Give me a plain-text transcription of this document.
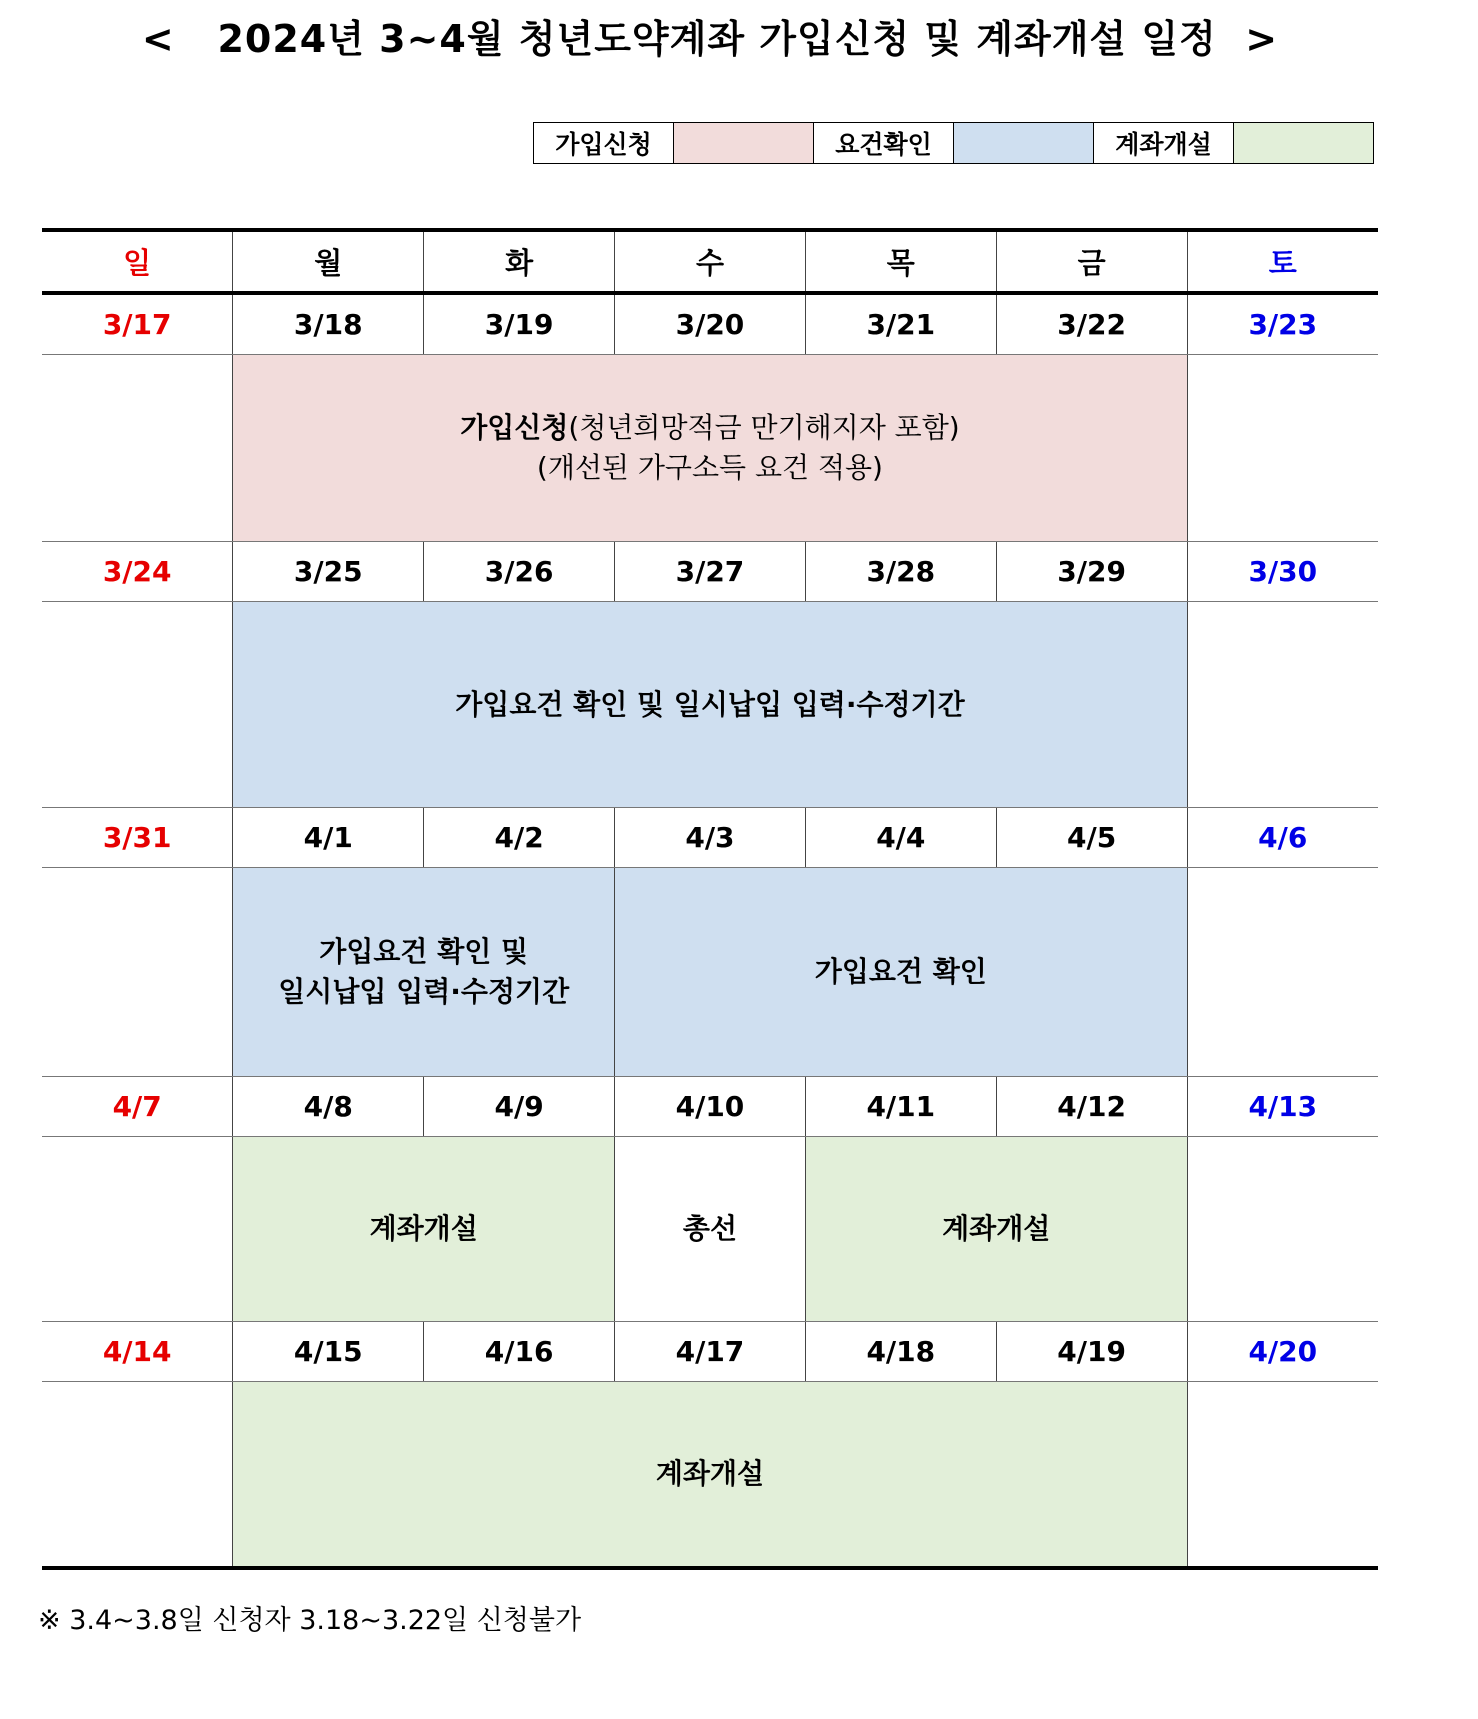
<   2024년 3~4월 청년도약계좌 가입신청 및 계좌개설 일정  >
가입신청		요건확인		계좌개설	
일	월	화	수	목	금	토
3/17	3/18	3/19	3/20	3/21	3/22	3/23

	가입신청(청년희망적금 만기해지자 포함)
(개선된 가구소득 요건 적용)					

3/24	3/25	3/26	3/27	3/28	3/29	3/30
	가입요건 확인 및 일시납입 입력·수정기간					
3/31	4/1	4/2	4/3	4/4	4/5	4/6

	가입요건 확인 및
일시납입 입력·수정기간		가입요건 확인			
4/7	4/8	4/9	4/10	4/11	4/12	4/13
	계좌개설		총선	계좌개설		
4/14	4/15	4/16	4/17	4/18	4/19	4/20
	계좌개설					
※ 3.4~3.8일 신청자 3.18~3.22일 신청불가
